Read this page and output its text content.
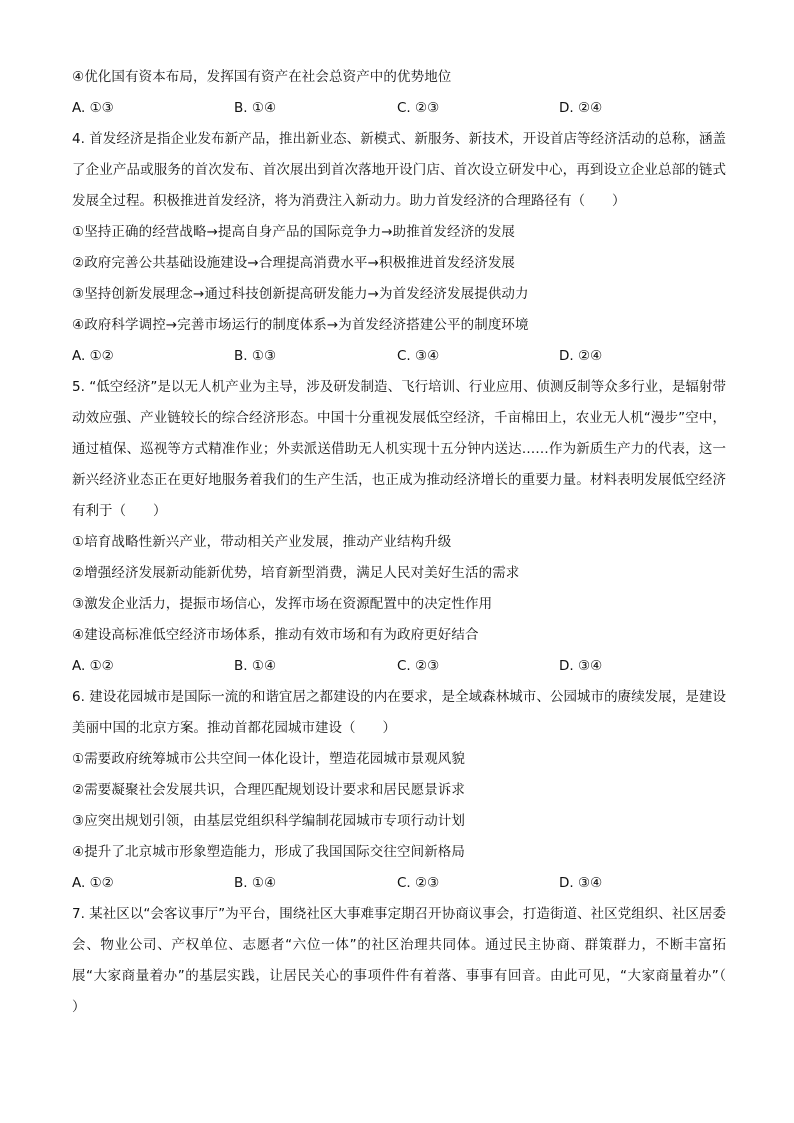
④优化国有资本布局，发挥国有资产在社会总资产中的优势地位
A. ①③	B. ①④	C. ②③	D. ②④
4. 首发经济是指企业发布新产品，推出新业态、新模式、新服务、新技术，开设首店等经济活动的总称，涵盖了企业产品或服务的首次发布、首次展出到首次落地开设门店、首次设立研发中心，再到设立企业总部的链式发展全过程。积极推进首发经济，将为消费注入新动力。助力首发经济的合理路径有（　　）
①坚持正确的经营战略→提高自身产品的国际竞争力→助推首发经济的发展
②政府完善公共基础设施建设→合理提高消费水平→积极推进首发经济发展
③坚持创新发展理念→通过科技创新提高研发能力→为首发经济发展提供动力
④政府科学调控→完善市场运行的制度体系→为首发经济搭建公平的制度环境
A. ①②	B. ①③	C. ③④	D. ②④
5. “低空经济”是以无人机产业为主导，涉及研发制造、飞行培训、行业应用、侦测反制等众多行业，是辐射带动效应强、产业链较长的综合经济形态。中国十分重视发展低空经济，千亩棉田上，农业无人机“漫步”空中，通过植保、巡视等方式精准作业；外卖派送借助无人机实现十五分钟内送达……作为新质生产力的代表，这一新兴经济业态正在更好地服务着我们的生产生活，也正成为推动经济增长的重要力量。材料表明发展低空经济有利于（　　）
①培育战略性新兴产业，带动相关产业发展，推动产业结构升级
②增强经济发展新动能新优势，培育新型消费，满足人民对美好生活的需求
③激发企业活力，提振市场信心，发挥市场在资源配置中的决定性作用
④建设高标准低空经济市场体系，推动有效市场和有为政府更好结合
A. ①②	B. ①④	C. ②③	D. ③④
6. 建设花园城市是国际一流的和谐宜居之都建设的内在要求，是全域森林城市、公园城市的赓续发展，是建设美丽中国的北京方案。推动首都花园城市建设（　　）
①需要政府统筹城市公共空间一体化设计，塑造花园城市景观风貌
②需要凝聚社会发展共识，合理匹配规划设计要求和居民愿景诉求
③应突出规划引领，由基层党组织科学编制花园城市专项行动计划
④提升了北京城市形象塑造能力，形成了我国国际交往空间新格局
A. ①②	B. ①④	C. ②③	D. ③④
7. 某社区以“会客议事厅”为平台，围绕社区大事难事定期召开协商议事会，打造街道、社区党组织、社区居委会、物业公司、产权单位、志愿者“六位一体”的社区治理共同体。通过民主协商、群策群力，不断丰富拓展“大家商量着办”的基层实践，让居民关心的事项件件有着落、事事有回音。由此可见，“大家商量着办”（　　）
